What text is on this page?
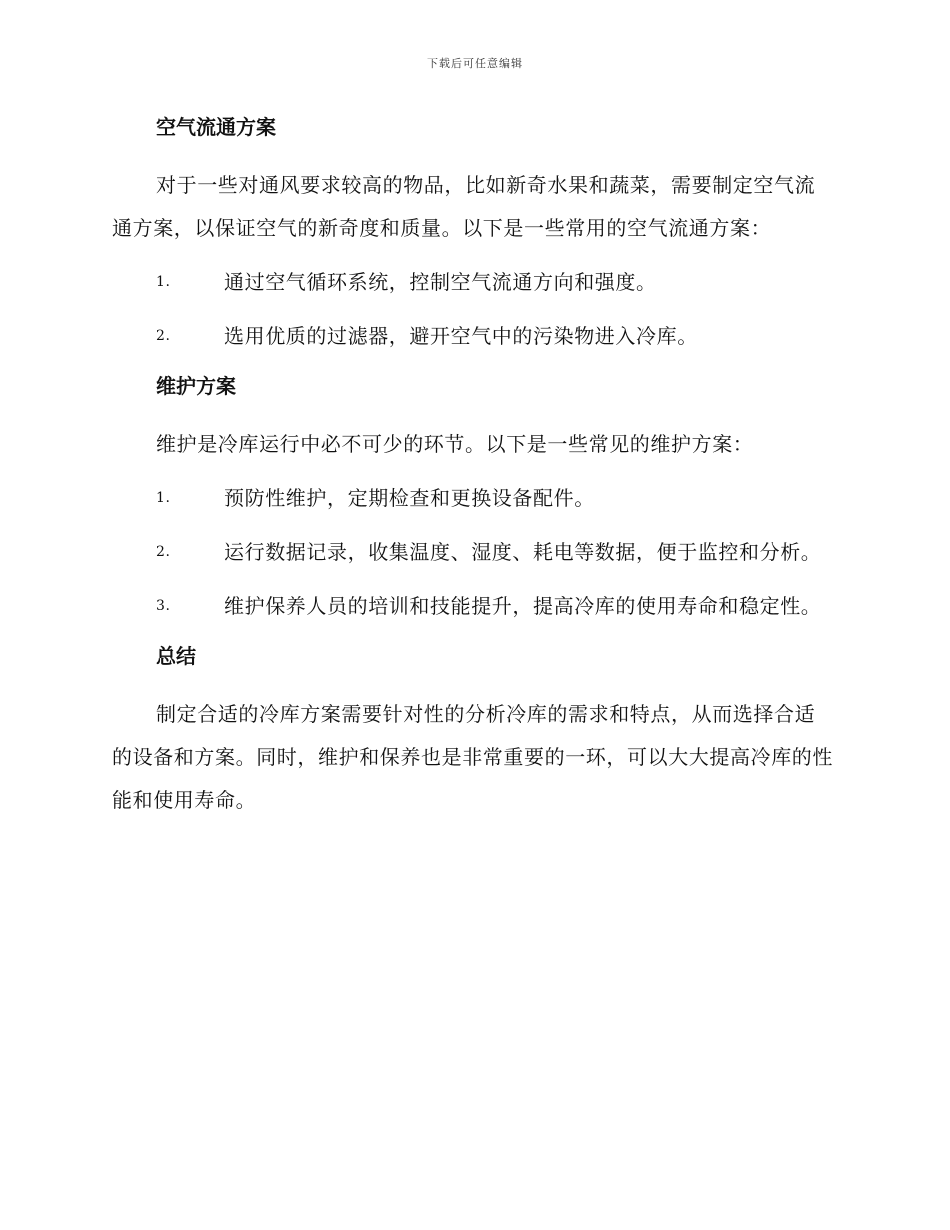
下载后可任意编辑
空气流通方案

对于一些对通风要求较高的物品，比如新奇水果和蔬菜，需要制定空气流通方案，以保证空气的新奇度和质量。以下是一些常用的空气流通方案：

1.	通过空气循环系统，控制空气流通方向和强度。
2.	选用优质的过滤器，避开空气中的污染物进入冷库。
维护方案

维护是冷库运行中必不可少的环节。以下是一些常见的维护方案：

1.	预防性维护，定期检查和更换设备配件。
2.	运行数据记录，收集温度、湿度、耗电等数据，便于监控和分析。
3.	维护保养人员的培训和技能提升，提高冷库的使用寿命和稳定性。
总结

制定合适的冷库方案需要针对性的分析冷库的需求和特点，从而选择合适的设备和方案。同时，维护和保养也是非常重要的一环，可以大大提高冷库的性能和使用寿命。
